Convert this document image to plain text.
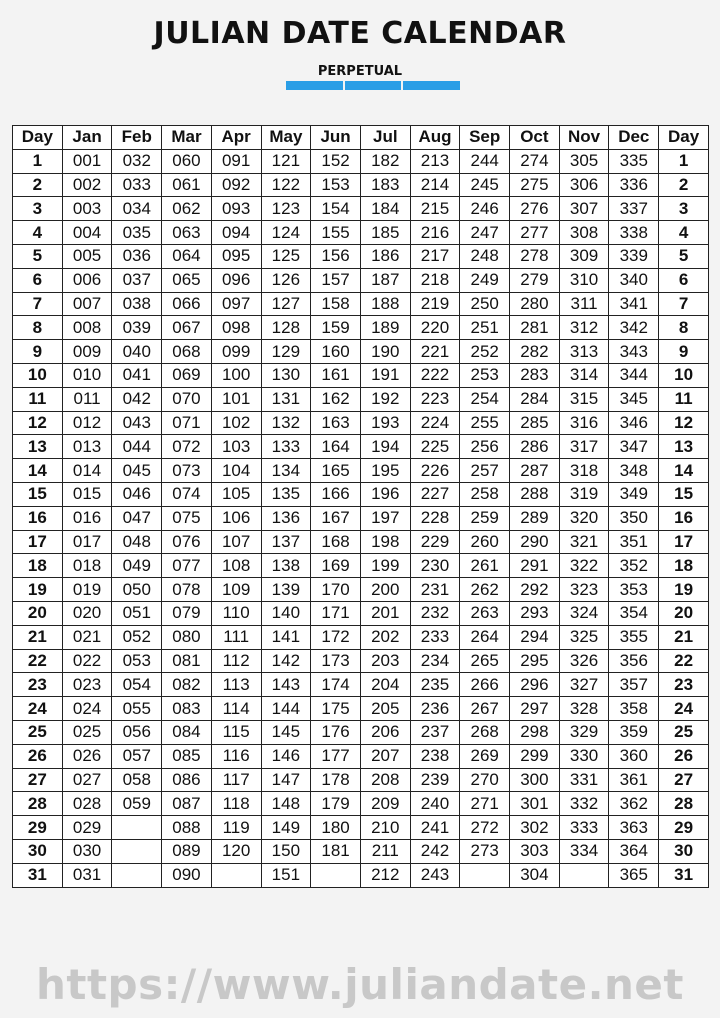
JULIAN DATE CALENDAR
PERPETUAL
Day	Jan	Feb	Mar	Apr	May	Jun	Jul	Aug	Sep	Oct	Nov	Dec	Day
1	001	032	060	091	121	152	182	213	244	274	305	335	1
2	002	033	061	092	122	153	183	214	245	275	306	336	2
3	003	034	062	093	123	154	184	215	246	276	307	337	3
4	004	035	063	094	124	155	185	216	247	277	308	338	4
5	005	036	064	095	125	156	186	217	248	278	309	339	5
6	006	037	065	096	126	157	187	218	249	279	310	340	6
7	007	038	066	097	127	158	188	219	250	280	311	341	7
8	008	039	067	098	128	159	189	220	251	281	312	342	8
9	009	040	068	099	129	160	190	221	252	282	313	343	9
10	010	041	069	100	130	161	191	222	253	283	314	344	10
11	011	042	070	101	131	162	192	223	254	284	315	345	11
12	012	043	071	102	132	163	193	224	255	285	316	346	12
13	013	044	072	103	133	164	194	225	256	286	317	347	13
14	014	045	073	104	134	165	195	226	257	287	318	348	14
15	015	046	074	105	135	166	196	227	258	288	319	349	15
16	016	047	075	106	136	167	197	228	259	289	320	350	16
17	017	048	076	107	137	168	198	229	260	290	321	351	17
18	018	049	077	108	138	169	199	230	261	291	322	352	18
19	019	050	078	109	139	170	200	231	262	292	323	353	19
20	020	051	079	110	140	171	201	232	263	293	324	354	20
21	021	052	080	111	141	172	202	233	264	294	325	355	21
22	022	053	081	112	142	173	203	234	265	295	326	356	22
23	023	054	082	113	143	174	204	235	266	296	327	357	23
24	024	055	083	114	144	175	205	236	267	297	328	358	24
25	025	056	084	115	145	176	206	237	268	298	329	359	25
26	026	057	085	116	146	177	207	238	269	299	330	360	26
27	027	058	086	117	147	178	208	239	270	300	331	361	27
28	028	059	087	118	148	179	209	240	271	301	332	362	28
29	029		088	119	149	180	210	241	272	302	333	363	29
30	030		089	120	150	181	211	242	273	303	334	364	30
31	031		090		151		212	243		304		365	31
https://www.juliandate.net
